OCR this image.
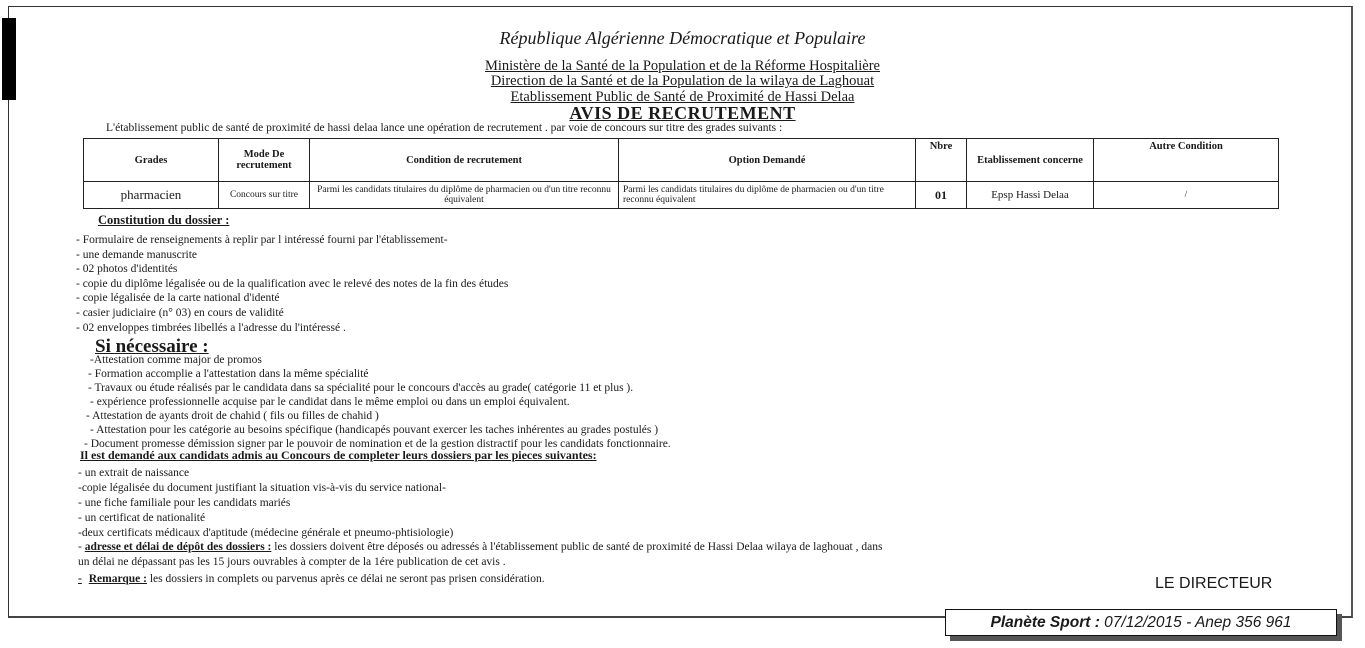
République Algérienne Démocratique et Populaire
Ministère de la Santé de la Population et de la Réforme Hospitalière
Direction de la Santé et de la Population de la wilaya de Laghouat
Etablissement Public de Santé de Proximité de Hassi Delaa
AVIS DE RECRUTEMENT
L'établissement public de santé de proximité de hassi delaa lance une opération de recrutement . par voie de concours sur titre des grades suivants :
Grades	Mode De recrutement	Condition de recrutement	Option Demandé	Nbre	Etablissement concerne	Autre Condition
pharmacien	Concours sur titre	Parmi les candidats titulaires du diplôme de pharmacien ou d'un titre reconnu équivalent	Parmi les candidats titulaires du diplôme de pharmacien ou d'un titre reconnu équivalent	01	Epsp Hassi Delaa	/
Constitution du dossier :
- Formulaire de renseignements à replir par l intéressé fourni par l'établissement-
- une demande manuscrite
- 02 photos d'identités
- copie du diplôme légalisée ou de la qualification avec le relevé des notes de la fin des études
- copie légalisée de la carte national d'identé
- casier judiciaire (n° 03) en cours de validité
- 02 enveloppes timbrées libellés a l'adresse du l'intéressé .
Si nécessaire :
-Attestation comme major de promos
- Formation accomplie a l'attestation dans la même spécialité
- Travaux ou étude réalisés par le candidata dans sa spécialité pour le concours d'accès au grade( catégorie 11 et plus ).
- expérience professionnelle acquise par le candidat dans le même emploi ou dans un emploi équivalent.
- Attestation de ayants droit de chahid ( fils ou filles de chahid )
- Attestation pour les catégorie au besoins spécifique (handicapés pouvant exercer les taches inhérentes au grades postulés )
- Document promesse démission signer par le pouvoir de nomination et de la gestion distractif pour les candidats fonctionnaire.
Il est demandé aux candidats admis au Concours de completer leurs dossiers par les pieces suivantes:
- un extrait de naissance
-copie légalisée du document justifiant la situation vis-à-vis du service national-
- une fiche familiale pour les candidats mariés
- un certificat de nationalité
-deux certificats médicaux d'aptitude (médecine générale et pneumo-phtisiologie)
- adresse et délai de dépôt des dossiers : les dossiers doivent être déposés ou adressés à l'établissement public de santé de proximité de Hassi Delaa wilaya de laghouat , dans
un délai ne dépassant pas les 15 jours ouvrables à compter de la 1ére publication de cet avis .
- Remarque : les dossiers in complets ou parvenus après ce délai ne seront pas prisen considération.	LE DIRECTEUR
Planète Sport : 07/12/2015 - Anep 356 961
